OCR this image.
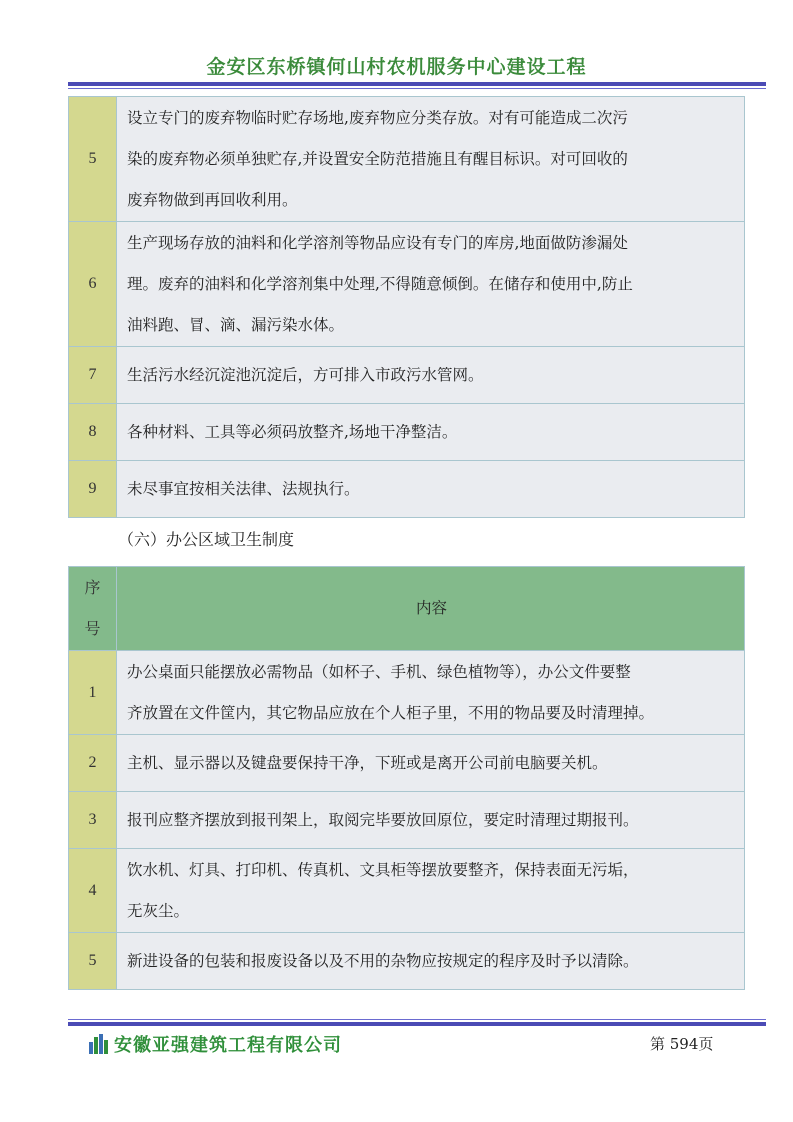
金安区东桥镇何山村农机服务中心建设工程
5	设立专门的废弃物临时贮存场地,废弃物应分类存放。对有可能造成二次污
染的废弃物必须单独贮存,并设置安全防范措施且有醒目标识。对可回收的
废弃物做到再回收利用。

6	生产现场存放的油料和化学溶剂等物品应设有专门的库房,地面做防渗漏处
理。废弃的油料和化学溶剂集中处理,不得随意倾倒。在储存和使用中,防止
油料跑、冒、滴、漏污染水体。

7	生活污水经沉淀池沉淀后，方可排入市政污水管网。

8	各种材料、工具等必须码放整齐,场地干净整洁。

9	未尽事宜按相关法律、法规执行。
（六）办公区域卫生制度
序
号	内容
1	办公桌面只能摆放必需物品（如杯子、手机、绿色植物等），办公文件要整
齐放置在文件筐内，其它物品应放在个人柜子里，不用的物品要及时清理掉。

2	主机、显示器以及键盘要保持干净，下班或是离开公司前电脑要关机。

3	报刊应整齐摆放到报刊架上，取阅完毕要放回原位，要定时清理过期报刊。

4	饮水机、灯具、打印机、传真机、文具柜等摆放要整齐，保持表面无污垢，
无灰尘。

5	新进设备的包装和报废设备以及不用的杂物应按规定的程序及时予以清除。
安徽亚强建筑工程有限公司	第 594页
